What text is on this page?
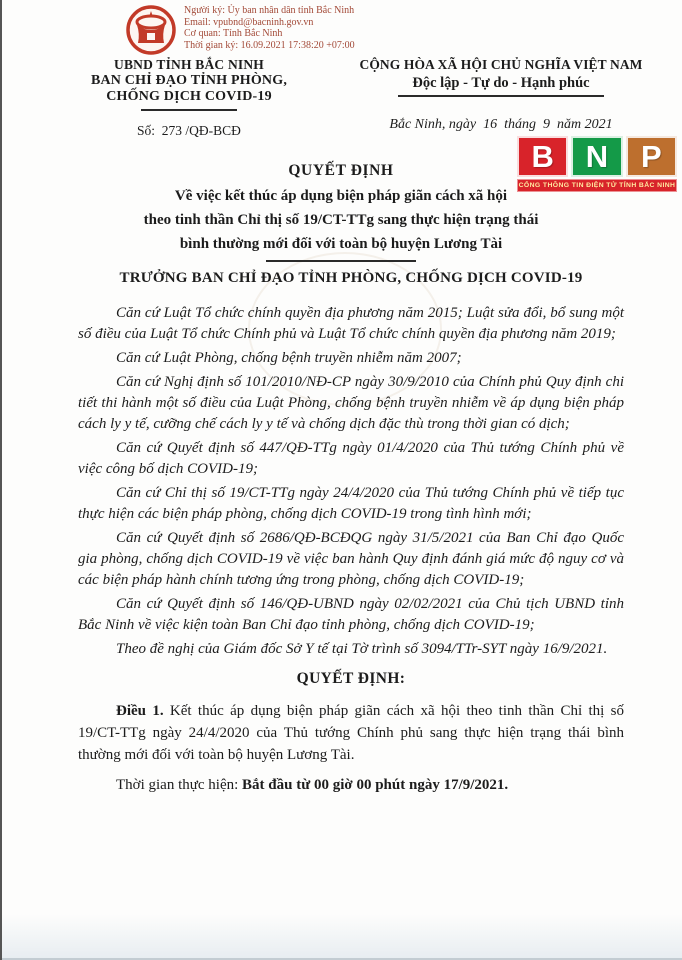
Người ký: Ủy ban nhân dân tỉnh Bắc Ninh
Email: vpubnd@bacninh.gov.vn
Cơ quan: Tỉnh Bắc Ninh
Thời gian ký: 16.09.2021 17:38:20 +07:00
UBND TỈNH BẮC NINH
BAN CHỈ ĐẠO TỈNH PHÒNG,
CHỐNG DỊCH COVID-19
Số:  273 /QĐ-BCĐ
CỘNG HÒA XÃ HỘI CHỦ NGHĨA VIỆT NAM
Độc lập - Tự do - Hạnh phúc
Bắc Ninh, ngày  16  tháng  9  năm 2021
B	N	P
CỔNG THÔNG TIN ĐIỆN TỬ TỈNH BẮC NINH
QUYẾT ĐỊNH
Về việc kết thúc áp dụng biện pháp giãn cách xã hội
theo tinh thần Chỉ thị số 19/CT-TTg sang thực hiện trạng thái
bình thường mới đối với toàn bộ huyện Lương Tài
TRƯỞNG BAN CHỈ ĐẠO TỈNH PHÒNG, CHỐNG DỊCH COVID-19

Căn cứ Luật Tổ chức chính quyền địa phương năm 2015; Luật sửa đổi, bổ sung một số điều của Luật Tổ chức Chính phủ và Luật Tổ chức chính quyền địa phương năm 2019;

Căn cứ Luật Phòng, chống bệnh truyền nhiễm năm 2007;

Căn cứ Nghị định số 101/2010/NĐ-CP ngày 30/9/2010 của Chính phủ Quy định chi tiết thi hành một số điều của Luật Phòng, chống bệnh truyền nhiễm về áp dụng biện pháp cách ly y tế, cưỡng chế cách ly y tế và chống dịch đặc thù trong thời gian có dịch;

Căn cứ Quyết định số 447/QĐ-TTg ngày 01/4/2020 của Thủ tướng Chính phủ về việc công bố dịch COVID-19;

Căn cứ Chỉ thị số 19/CT-TTg ngày 24/4/2020 của Thủ tướng Chính phủ về tiếp tục thực hiện các biện pháp phòng, chống dịch COVID-19 trong tình hình mới;

Căn cứ Quyết định số 2686/QĐ-BCĐQG ngày 31/5/2021 của Ban Chỉ đạo Quốc gia phòng, chống dịch COVID-19 về việc ban hành Quy định đánh giá mức độ nguy cơ và các biện pháp hành chính tương ứng trong phòng, chống dịch COVID-19;

Căn cứ Quyết định số 146/QĐ-UBND ngày 02/02/2021 của Chủ tịch UBND tỉnh Bắc Ninh về việc kiện toàn Ban Chỉ đạo tỉnh phòng, chống dịch COVID-19;

Theo đề nghị của Giám đốc Sở Y tế tại Tờ trình số 3094/TTr-SYT ngày 16/9/2021.

QUYẾT ĐỊNH:

Điều 1. Kết thúc áp dụng biện pháp giãn cách xã hội theo tinh thần Chỉ thị số 19/CT-TTg ngày 24/4/2020 của Thủ tướng Chính phủ sang thực hiện trạng thái bình thường mới đối với toàn bộ huyện Lương Tài.

Thời gian thực hiện: Bắt đầu từ 00 giờ 00 phút ngày 17/9/2021.
